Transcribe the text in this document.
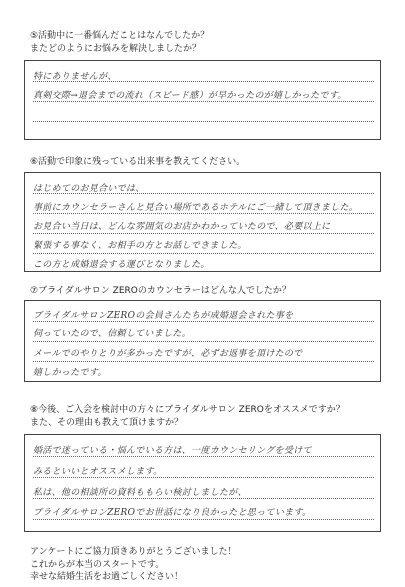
⑤活動中に一番悩んだことはなんでしたか？
またどのようにお悩みを解決しましたか？
特にありませんが、
真剣交際→退会までの流れ（スピード感）が早かったのが嬉しかったです。
⑥活動で印象に残っている出来事を教えてください。
はじめてのお見合いでは、
事前にカウンセラーさんと見合い場所であるホテルにご一緒して頂きました。
お見合い当日は、どんな雰囲気のお店かわかっていたので、必要以上に
緊張する事なく、お相手の方とお話しできました。
この方と成婚退会する運びとなりました。
⑦ブライダルサロン ZEROのカウンセラーはどんな人でしたか？
ブライダルサロンZEROの会員さんたちが成婚退会された事を
伺っていたので、信頼していました。
メールでのやりとりが多かったですが、必ずお返事を頂けたので
嬉しかったです。
⑧今後、ご入会を検討中の方々にブライダルサロン ZEROをオススメですか？
また、その理由も教えて頂けますか？
婚活で迷っている・悩んでいる方は、一度カウンセリングを受けて
みるといいとオススメします。
私は、他の相談所の資料ももらい検討しましたが、
ブライダルサロンZEROでお世話になり良かったと思っています。
アンケートにご協力頂きありがとうございました！
これからが本当のスタートです。
幸せな結婚生活をお過ごしください！
